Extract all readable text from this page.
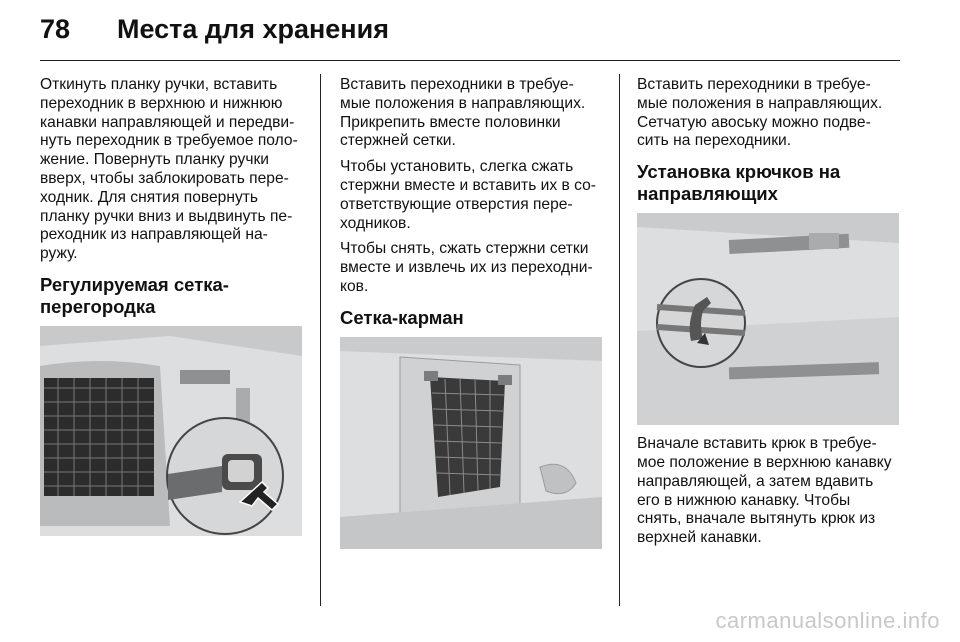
78 Места для хранения

Откинуть планку ручки, вставить
переходник в верхнюю и нижнюю
канавки направляющей и передви-
нуть переходник в требуемое поло-
жение. Повернуть планку ручки
вверх, чтобы заблокировать пере-
ходник. Для снятия повернуть
планку ручки вниз и выдвинуть пе-
реходник из направляющей на-
ружу.

Регулируемая сетка-
перегородка

Вставить переходники в требуе-
мые положения в направляющих.
Прикрепить вместе половинки
стержней сетки.

Чтобы установить, слегка сжать
стержни вместе и вставить их в со-
ответствующие отверстия пере-
ходников.

Чтобы снять, сжать стержни сетки
вместе и извлечь их из переходни-
ков.

Сетка-карман

Вставить переходники в требуе-
мые положения в направляющих.
Сетчатую авоську можно подве-
сить на переходники.

Установка крючков на
направляющих

Вначале вставить крюк в требуе-
мое положение в верхнюю канавку
направляющей, а затем вдавить
его в нижнюю канавку. Чтобы
снять, вначале вытянуть крюк из
верхней канавки.

carmanualsonline.info
